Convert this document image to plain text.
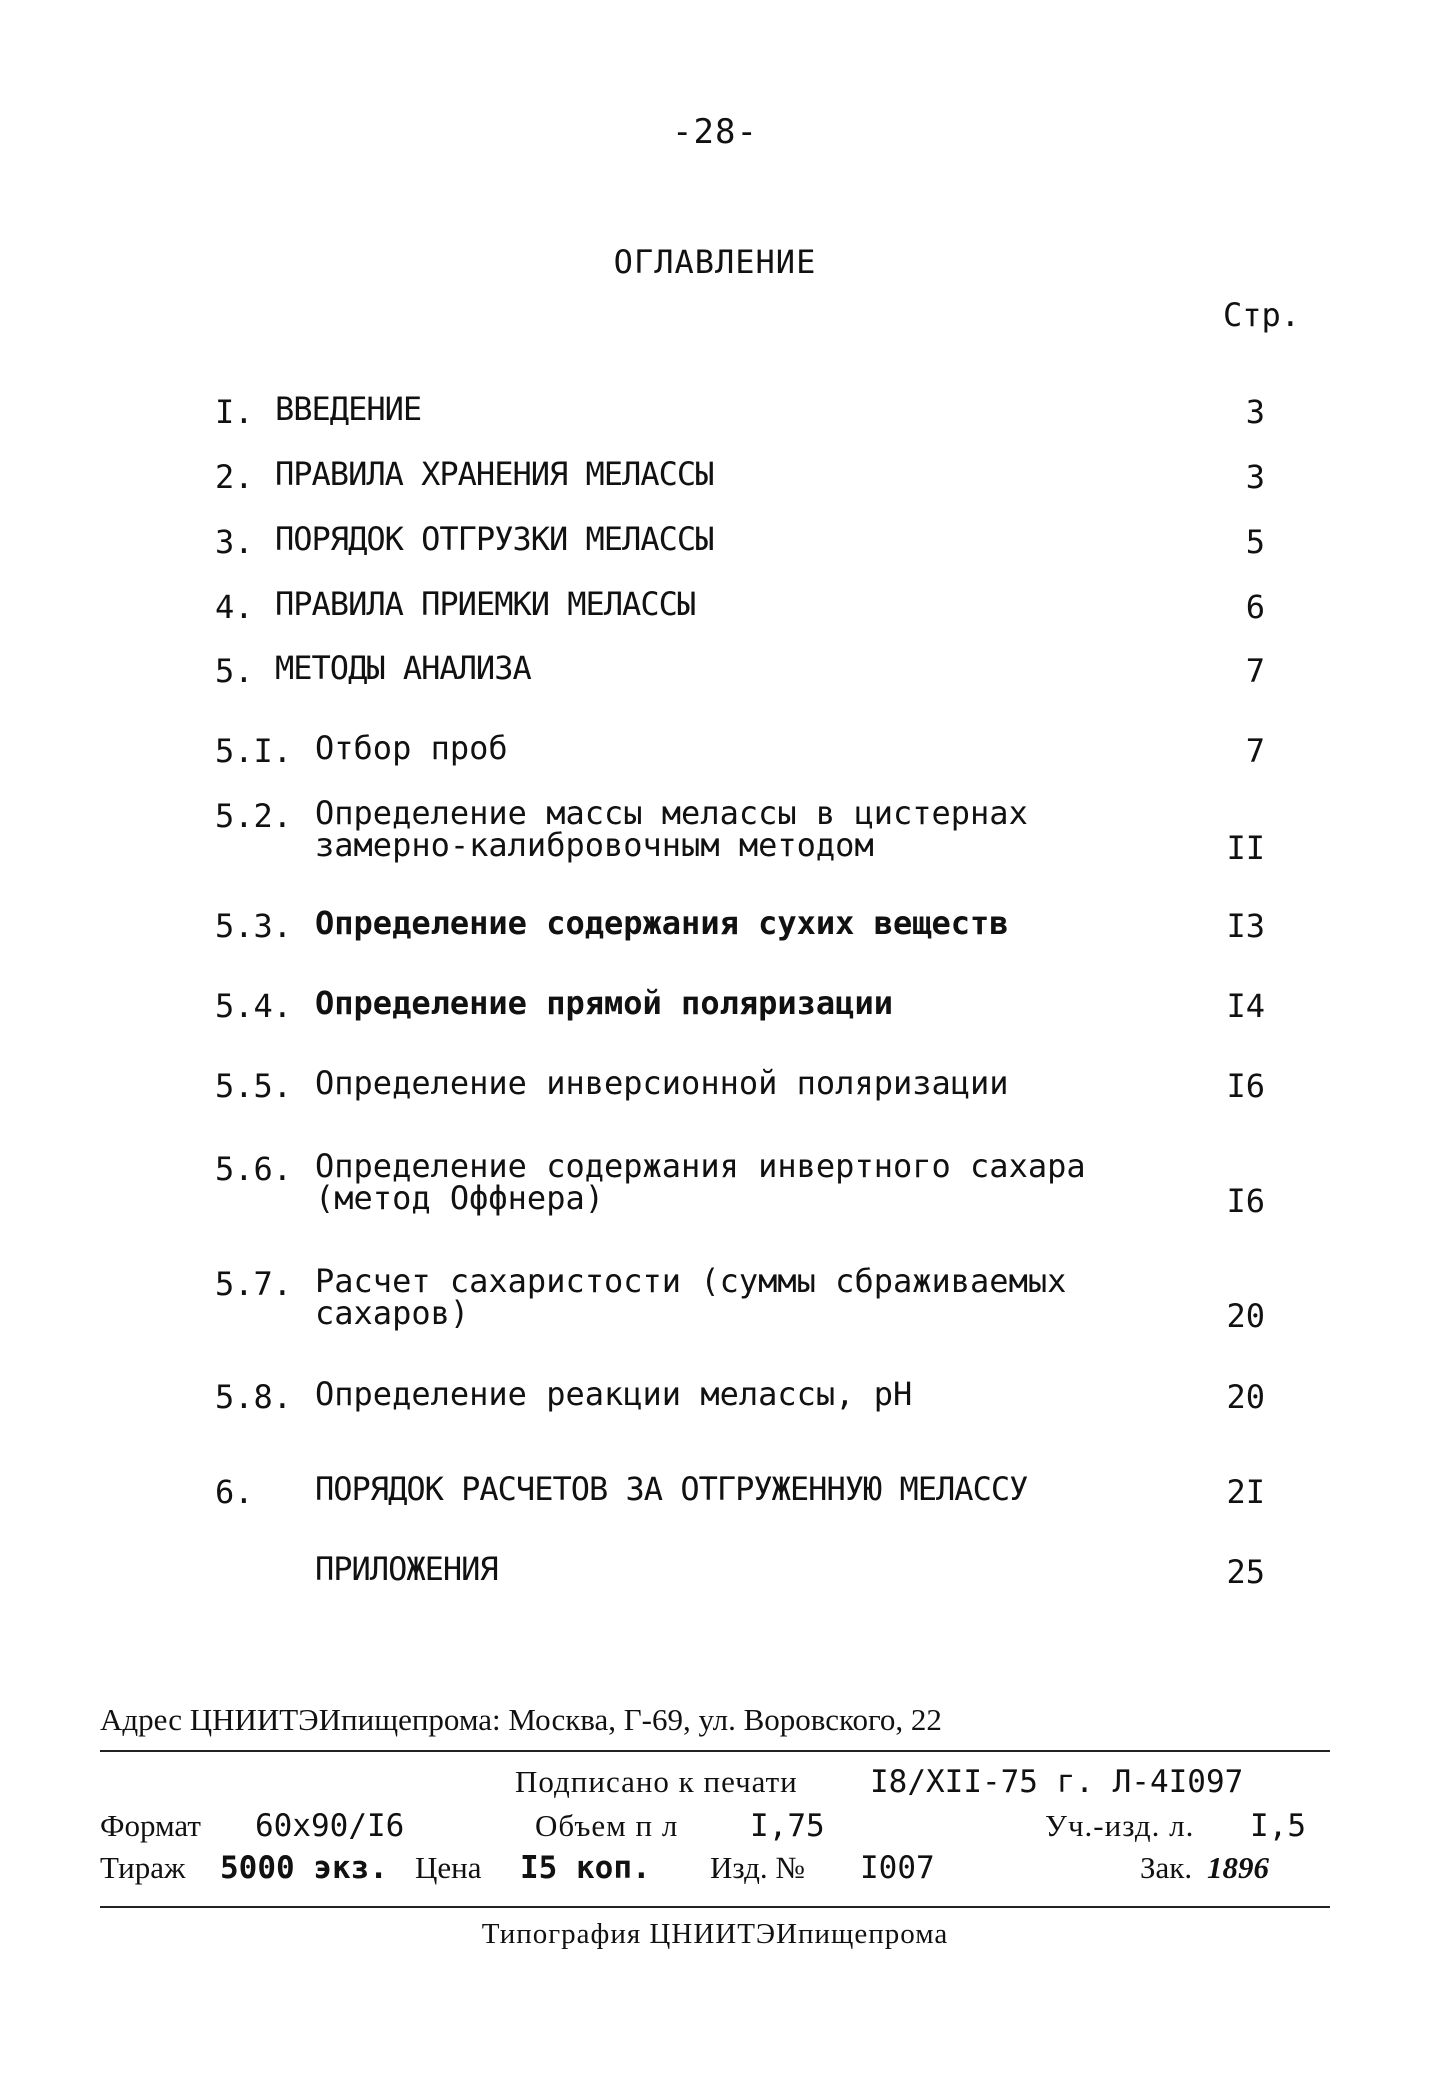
-28-
ОГЛАВЛЕНИЕ
Стр.
I. ВВЕДЕНИЕ	3
2. ПРАВИЛА ХРАНЕНИЯ МЕЛАССЫ	3
3. ПОРЯДОК ОТГРУЗКИ МЕЛАССЫ	5
4. ПРАВИЛА ПРИЕМКИ МЕЛАССЫ	6
5. МЕТОДЫ АНАЛИЗА	7
5.I. Отбор проб	7
5.2. Определение массы мелассы в цистернах
замерно-калибровочным методом	II
5.3. Определение содержания сухих веществ	I3
5.4. Определение прямой поляризации	I4
5.5. Определение инверсионной поляризации	I6
5.6. Определение содержания инвертного сахара
(метод Оффнера)	I6
5.7. Расчет сахаристости (суммы сбраживаемых
сахаров)	20
5.8. Определение реакции мелассы, pH	20
6. ПОРЯДОК РАСЧЕТОВ ЗА ОТГРУЖЕННУЮ МЕЛАССУ	2I
ПРИЛОЖЕНИЯ	25
Адрес ЦНИИТЭИпищепрома: Москва, Г-69, ул. Воровского, 22
Подписано к печати I8/XII-75 г. Л-4I097
Формат 60х90/I6	Объем п л I,75	Уч.-изд. л. I,5
Тираж 5000 экз. Цена I5 коп. Изд. № I007	Зак. 1896
Типография ЦНИИТЭИпищепрома
